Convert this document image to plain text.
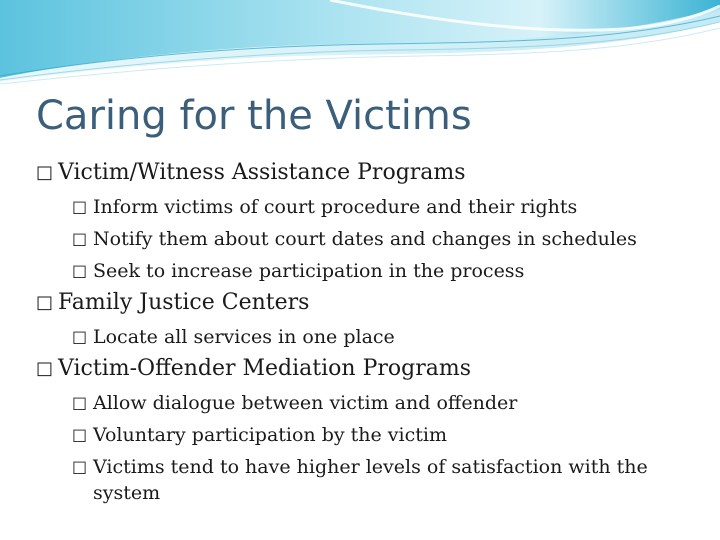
Caring for the Victims
□ Victim/Witness Assistance Programs
□ Inform victims of court procedure and their rights
□ Notify them about court dates and changes in schedules
□ Seek to increase participation in the process
□ Family Justice Centers
□ Locate all services in one place
□ Victim-Offender Mediation Programs
□ Allow dialogue between victim and offender
□ Voluntary participation by the victim
□ Victims tend to have higher levels of satisfaction with the system
